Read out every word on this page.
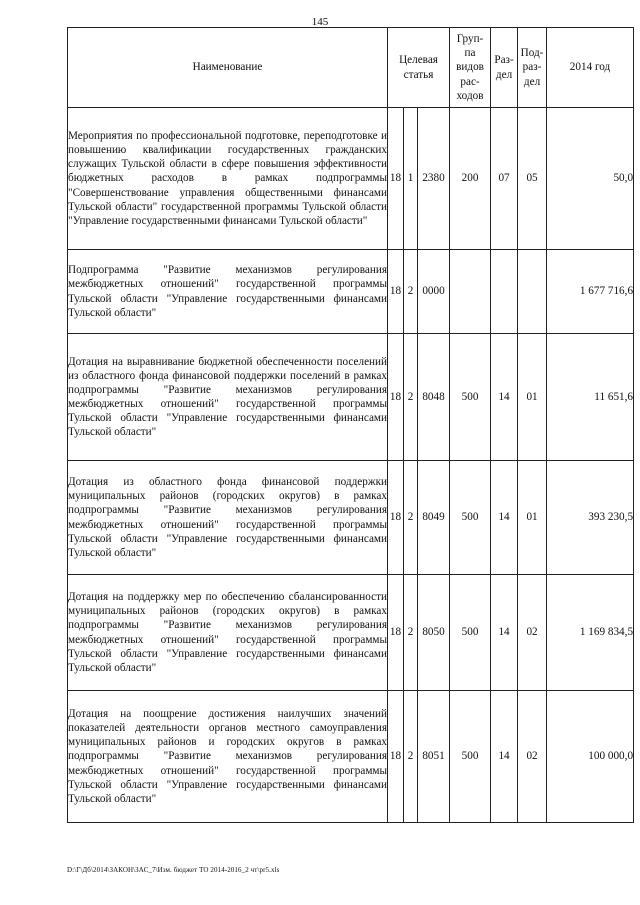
145
Наименование	Целевая статья			Груп-па видов рас-ходов	Раз-дел	Под-раз-дел	2014 год
Мероприятия по профессиональной подготовке, переподготовке и повышению квалификации государственных гражданских служащих Тульской области в сфере повышения эффективности бюджетных расходов в рамках подпрограммы "Совершенствование управления общественными финансами Тульской области" государственной программы Тульской области "Управление государственными финансами Тульской области"	18	1	2380	200	07	05	50,0
Подпрограмма "Развитие механизмов регулирования межбюджетных отношений" государственной программы Тульской области "Управление государственными финансами Тульской области"	18	2	0000				1 677 716,6
Дотация на выравнивание бюджетной обеспеченности поселений из областного фонда финансовой поддержки поселений в рамках подпрограммы "Развитие механизмов регулирования межбюджетных отношений" государственной программы Тульской области "Управление государственными финансами Тульской области"	18	2	8048	500	14	01	11 651,6
Дотация из областного фонда финансовой поддержки муниципальных районов (городских округов) в рамках подпрограммы "Развитие механизмов регулирования межбюджетных отношений" государственной программы Тульской области "Управление государственными финансами Тульской области"	18	2	8049	500	14	01	393 230,5
Дотация на поддержку мер по обеспечению сбалансированности муниципальных районов (городских округов) в рамках подпрограммы "Развитие механизмов регулирования межбюджетных отношений" государственной программы Тульской области "Управление государственными финансами Тульской области"	18	2	8050	500	14	02	1 169 834,5
Дотация на поощрение достижения наилучших значений показателей деятельности органов местного самоуправления муниципальных районов и городских округов в рамках подпрограммы "Развитие механизмов регулирования межбюджетных отношений" государственной программы Тульской области "Управление государственными финансами Тульской области"	18	2	8051	500	14	02	100 000,0
D:\Г\Дб\2014\ЗАКОН\ЗАС_7\Изм. бюджет ТО 2014-2016_2 чт\pr5.xls
